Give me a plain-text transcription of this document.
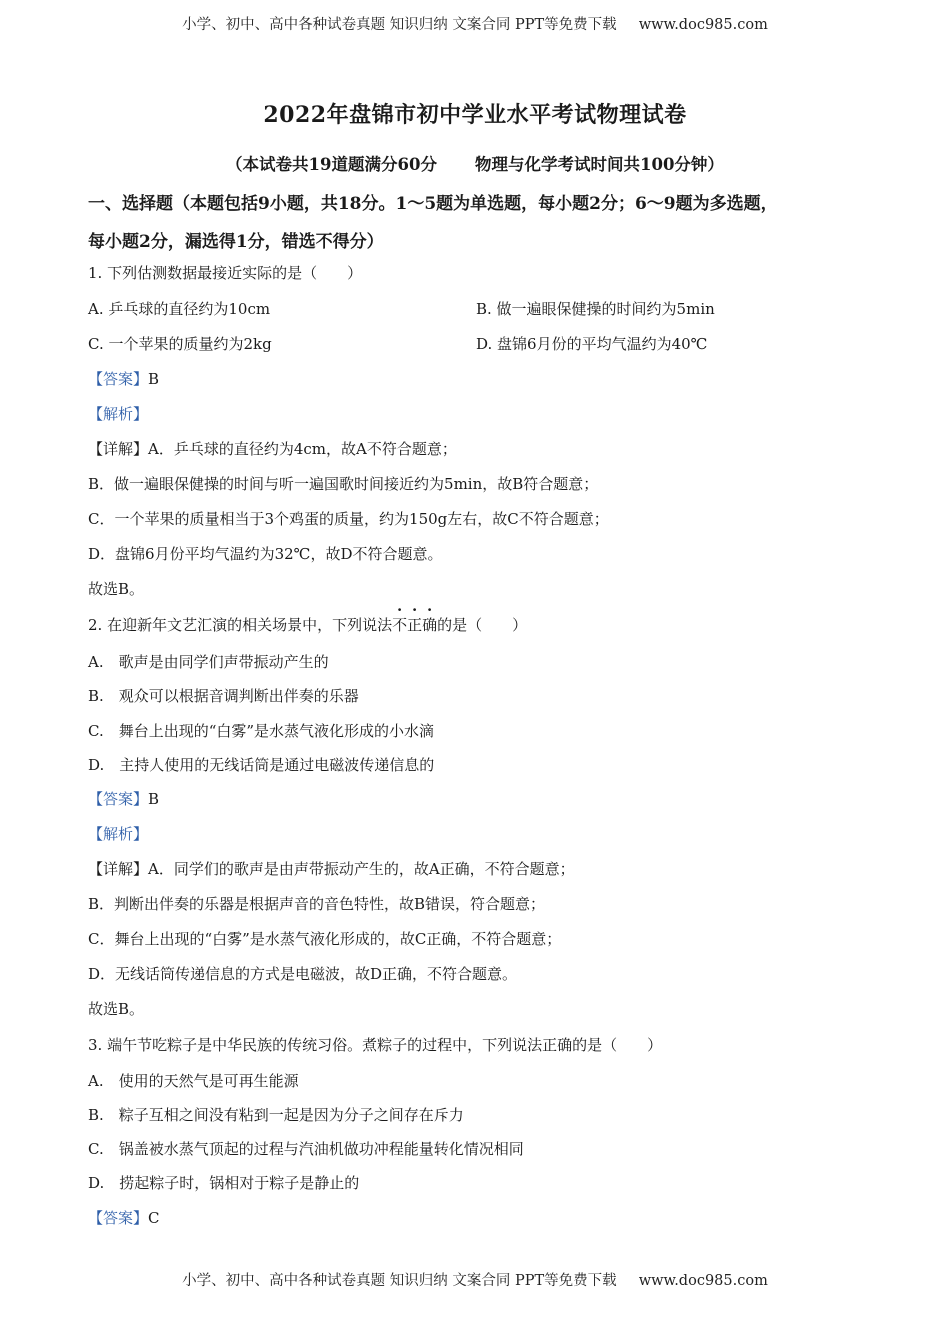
小学、初中、高中各种试卷真题 知识归纳 文案合同 PPT等免费下载 www.doc985.com
2022年盘锦市初中学业水平考试物理试卷
（本试卷共19道题满分60分 物理与化学考试时间共100分钟）
一、选择题（本题包括9小题，共18分。1～5题为单选题，每小题2分；6～9题为多选题，
每小题2分，漏选得1分，错选不得分）
1. 下列估测数据最接近实际的是（　　）
A. 乒乓球的直径约为10cm	B. 做一遍眼保健操的时间约为5min
C. 一个苹果的质量约为2kg	D. 盘锦6月份的平均气温约为40℃
【答案】B
【解析】
【详解】A．乒乓球的直径约为4cm，故A不符合题意；
B．做一遍眼保健操的时间与听一遍国歌时间接近约为5min，故B符合题意；
C．一个苹果的质量相当于3个鸡蛋的质量，约为150g左右，故C不符合题意；
D．盘锦6月份平均气温约为32℃，故D不符合题意。
故选B。
2. 在迎新年文艺汇演的相关场景中，下列说法不正确的是（　　）
A.　歌声是由同学们声带振动产生的
B.　观众可以根据音调判断出伴奏的乐器
C.　舞台上出现的“白雾”是水蒸气液化形成的小水滴
D.　主持人使用的无线话筒是通过电磁波传递信息的
【答案】B
【解析】
【详解】A．同学们的歌声是由声带振动产生的，故A正确，不符合题意；
B．判断出伴奏的乐器是根据声音的音色特性，故B错误，符合题意；
C．舞台上出现的“白雾”是水蒸气液化形成的，故C正确，不符合题意；
D．无线话筒传递信息的方式是电磁波，故D正确，不符合题意。
故选B。
3. 端午节吃粽子是中华民族的传统习俗。煮粽子的过程中，下列说法正确的是（　　）
A.　使用的天然气是可再生能源
B.　粽子互相之间没有粘到一起是因为分子之间存在斥力
C.　锅盖被水蒸气顶起的过程与汽油机做功冲程能量转化情况相同
D.　捞起粽子时，锅相对于粽子是静止的
【答案】C
小学、初中、高中各种试卷真题 知识归纳 文案合同 PPT等免费下载 www.doc985.com
